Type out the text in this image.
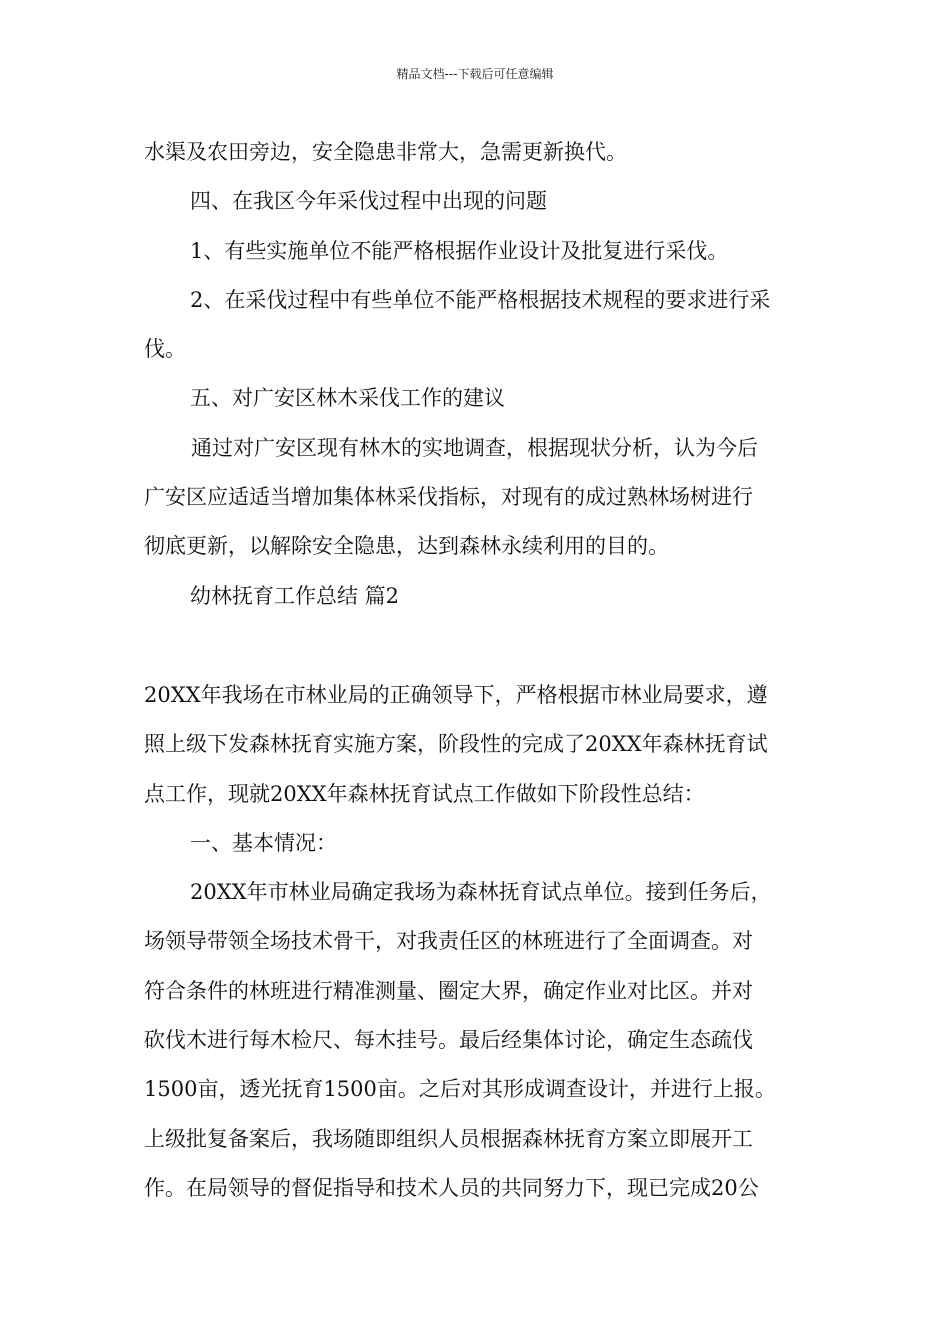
精品文档---下载后可任意编辑

水渠及农田旁边，安全隐患非常大，急需更新换代。

四、在我区今年采伐过程中出现的问题

1、有些实施单位不能严格根据作业设计及批复进行采伐。

2、在采伐过程中有些单位不能严格根据技术规程的要求进行采

伐。

五、对广安区林木采伐工作的建议

通过对广安区现有林木的实地调查，根据现状分析，认为今后

广安区应适适当增加集体林采伐指标，对现有的成过熟林场树进行

彻底更新，以解除安全隐患，达到森林永续利用的目的。

幼林抚育工作总结 篇2

20XX年我场在市林业局的正确领导下，严格根据市林业局要求，遵

照上级下发森林抚育实施方案，阶段性的完成了20XX年森林抚育试

点工作，现就20XX年森林抚育试点工作做如下阶段性总结：

一、基本情况：

20XX年市林业局确定我场为森林抚育试点单位。接到任务后，

场领导带领全场技术骨干，对我责任区的林班进行了全面调查。对

符合条件的林班进行精准测量、圈定大界，确定作业对比区。并对

砍伐木进行每木检尺、每木挂号。最后经集体讨论，确定生态疏伐

1500亩，透光抚育1500亩。之后对其形成调查设计，并进行上报。

上级批复备案后，我场随即组织人员根据森林抚育方案立即展开工

作。在局领导的督促指导和技术人员的共同努力下，现已完成20公
